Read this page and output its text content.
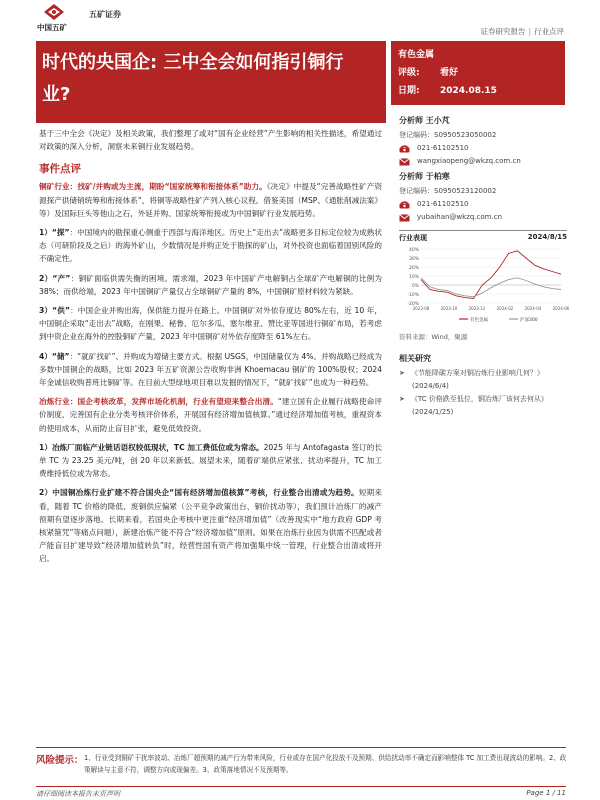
中国五矿
五矿证券
证券研究报告 | 行业点评
时代的央国企: 三中全会如何指引铜行
业?
有色金属
评级:	看好
日期:	2024.08.15
事件描述

基于三中全会《决定》及相关政策，我们整理了或对“国有企业经营”产生影响的相关性描述，希望通过对政策的深入分析，洞察未来铜行业发展趋势。

事件点评

铜矿行业：找矿/并购或为主流，期盼“国家统筹和衔接体系”助力。《决定》中提及“完善战略性矿产资源探产供储销统筹和衔接体系”，将铜等战略性矿产列入核心议程。借鉴美国（MSP、《通胀削减法案》等）及国际巨头等他山之石，外延并购、国家统筹衔接或为中国铜矿行业发展趋势。

1）“探”：中国境内的勘探重心侧重于西部与海洋地区。历史上“走出去”战略更多目标定位较为成熟状态（可研阶段及之后）的海外矿山，少数情况是并购正处于勘探的矿山，对外投资也面临着国别风险的不确定性。

2）“产”：铜矿面临供需失衡的困境。需求端，2023 年中国矿产电解铜占全球矿产电解铜的比例为 38%；而供给端，2023 年中国铜矿产量仅占全球铜矿产量的 8%，中国铜矿原材料较为紧缺。

3）“供”：中国企业并购出海，保供能力提升在路上。中国铜矿对外依存度达 80%左右，近 10 年，中国铜企采取“走出去”战略，在刚果、秘鲁、厄尔多瓜、塞尔维亚、赞比亚等国进行铜矿布局，若考虑到中资企业在海外的控股铜矿产量，2023 年中国铜矿对外依存度降至 61%左右。

4）“储”：“就矿找矿”、并购成为增储主要方式。根据 USGS，中国储量仅为 4%。并购战略已经成为多数中国铜企的战略，比如 2023 年五矿资源公告收购非洲 Khoemacau 铜矿的 100%股权；2024 年金诚信收购普班比铜矿等。在目前大型绿地项目难以发掘的情况下，“就矿找矿”也成为一种趋势。

冶炼行业：国企考核改革，发挥市场化机制，行业有望迎来整合出清。“建立国有企业履行战略使命评价制度，完善国有企业分类考核评价体系，开展国有经济增加值核算。”通过经济增加值考核，重视资本的使用成本，从而防止盲目扩张，避免低效投资。

1）冶炼厂面临产业链话语权较低现状，TC 加工费低位或为常态。2025 年与 Antofagasta 签订的长单 TC 为 23.25 美元/吨，创 20 年以来新低。展望未来，随着矿端供应紧张、扰动率提升，TC 加工费维持低位或为常态。

2）中国铜冶炼行业扩建不符合国央企“国有经济增加值核算”考核，行业整合出清或为趋势。短期来看，随着 TC 价格的降低、废铜供应偏紧（公平竞争政策出台、铜价扰动等），我们预计冶炼厂的减产预期有望逐步落地。长期来看，若国央企考核中更注重“经济增加值”（改善现实中“地方政府 GDP 考核紧箍咒”等痛点问题），新建冶炼产能不符合“经济增加值”原则。如果在冶炼行业因为供需不匹配或者产能盲目扩建导致“经济增加值转负”时，经营性国有资产将加强集中统一管理，行业整合出清或将开启。

分析师 王小芃
登记编码： S0950523050002
021-61102510
wangxiaopeng@wkzq.com.cn
分析师 于柏寒
登记编码： S0950523120002
021-61102510
yubaihan@wkzq.com.cn
行业表现	2024/8/15
40%
30%
20%
10%
0%
-10%
-20%
2023-08	2023-10	2023-12	2024-02	2024-04	2024-06
有色金属	沪深300
资料来源：Wind，聚源
相关研究
➤ 《节能降碳方案对铜冶炼行业影响几何？》
(2024/6/4)
➤ 《TC 价格跌至低位，铜冶炼厂该何去何从》
(2024/1/25)
风险提示： 1、行业受到铜矿干扰率波动、冶炼厂超预期的减产行为带来风险，行业或存在国产化投放不及预期、供给扰动率不确定而影响整体 TC 加工费出现波动的影响。2、政策解读与主意不符，调整方向或现偏差。3、政策落地情况不及预期等。
请仔细阅读本报告末页声明	Page 1 / 11
